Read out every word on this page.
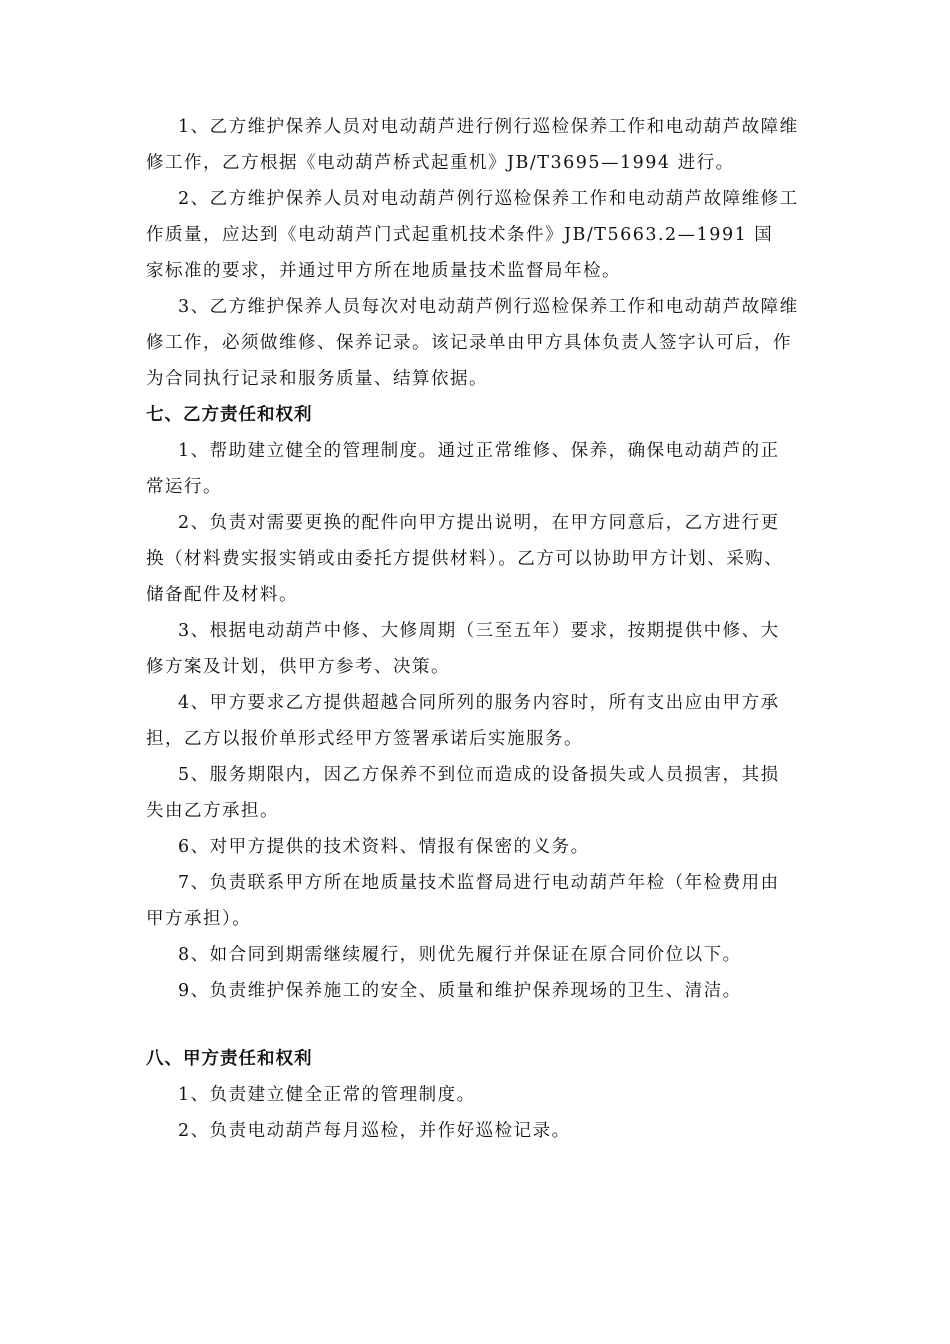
1、乙方维护保养人员对电动葫芦进行例行巡检保养工作和电动葫芦故障维
修工作，乙方根据《电动葫芦桥式起重机》JB/T3695—1994 进行。
2、乙方维护保养人员对电动葫芦例行巡检保养工作和电动葫芦故障维修工
作质量，应达到《电动葫芦门式起重机技术条件》JB/T5663.2—1991 国
家标准的要求，并通过甲方所在地质量技术监督局年检。
3、乙方维护保养人员每次对电动葫芦例行巡检保养工作和电动葫芦故障维
修工作，必须做维修、保养记录。该记录单由甲方具体负责人签字认可后，作
为合同执行记录和服务质量、结算依据。
七、乙方责任和权利
1、帮助建立健全的管理制度。通过正常维修、保养，确保电动葫芦的正
常运行。
2、负责对需要更换的配件向甲方提出说明，在甲方同意后，乙方进行更
换（材料费实报实销或由委托方提供材料）。乙方可以协助甲方计划、采购、
储备配件及材料。
3、根据电动葫芦中修、大修周期（三至五年）要求，按期提供中修、大
修方案及计划，供甲方参考、决策。
4、甲方要求乙方提供超越合同所列的服务内容时，所有支出应由甲方承
担，乙方以报价单形式经甲方签署承诺后实施服务。
5、服务期限内，因乙方保养不到位而造成的设备损失或人员损害，其损
失由乙方承担。
6、对甲方提供的技术资料、情报有保密的义务。
7、负责联系甲方所在地质量技术监督局进行电动葫芦年检（年检费用由
甲方承担）。
8、如合同到期需继续履行，则优先履行并保证在原合同价位以下。
9、负责维护保养施工的安全、质量和维护保养现场的卫生、清洁。
八、甲方责任和权利
1、负责建立健全正常的管理制度。
2、负责电动葫芦每月巡检，并作好巡检记录。
